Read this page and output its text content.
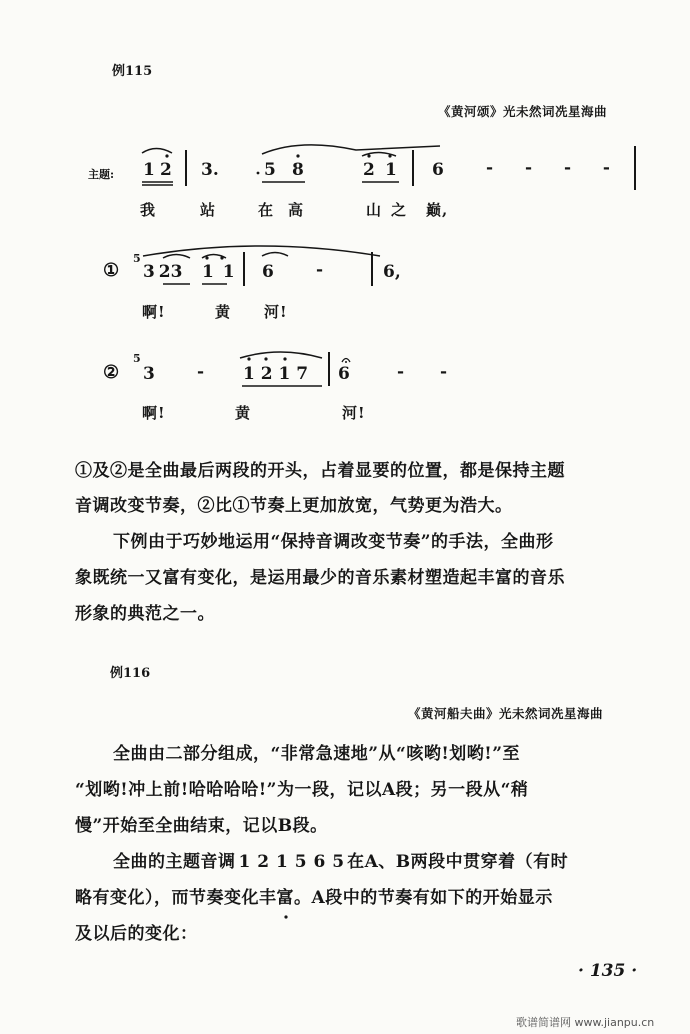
例115
《黄河颂》光未然词冼星海曲
主题: 1 2 3.	5 8	2 1 6 - - - -
我	站	在 高	山 之 巅,
①
5
3 23 1 1 6 -	6,
啊!	黄 河!
②
5
3 - 1 2 1 7 6	- -
啊!	黄	河!
①及②是全曲最后两段的开头，占着显要的位置，都是保持主题
音调改变节奏，②比①节奏上更加放宽，气势更为浩大。
下例由于巧妙地运用“保持音调改变节奏”的手法，全曲形
象既统一又富有变化，是运用最少的音乐素材塑造起丰富的音乐
形象的典范之一。
例116
《黄河船夫曲》光未然词冼星海曲
全曲由二部分组成，“非常急速地”从“咳哟!划哟!”至
“划哟!冲上前!哈哈哈哈!”为一段，记以A段；另一段从“稍
慢”开始至全曲结束，记以B段。
全曲的主题音调 1 2 1 5 6 5 在A、B两段中贯穿着（有时
略有变化），而节奏变化丰富。A段中的节奏有如下的开始显示
及以后的变化：
· 135 ·
歌谱简谱网 www.jianpu.cn
